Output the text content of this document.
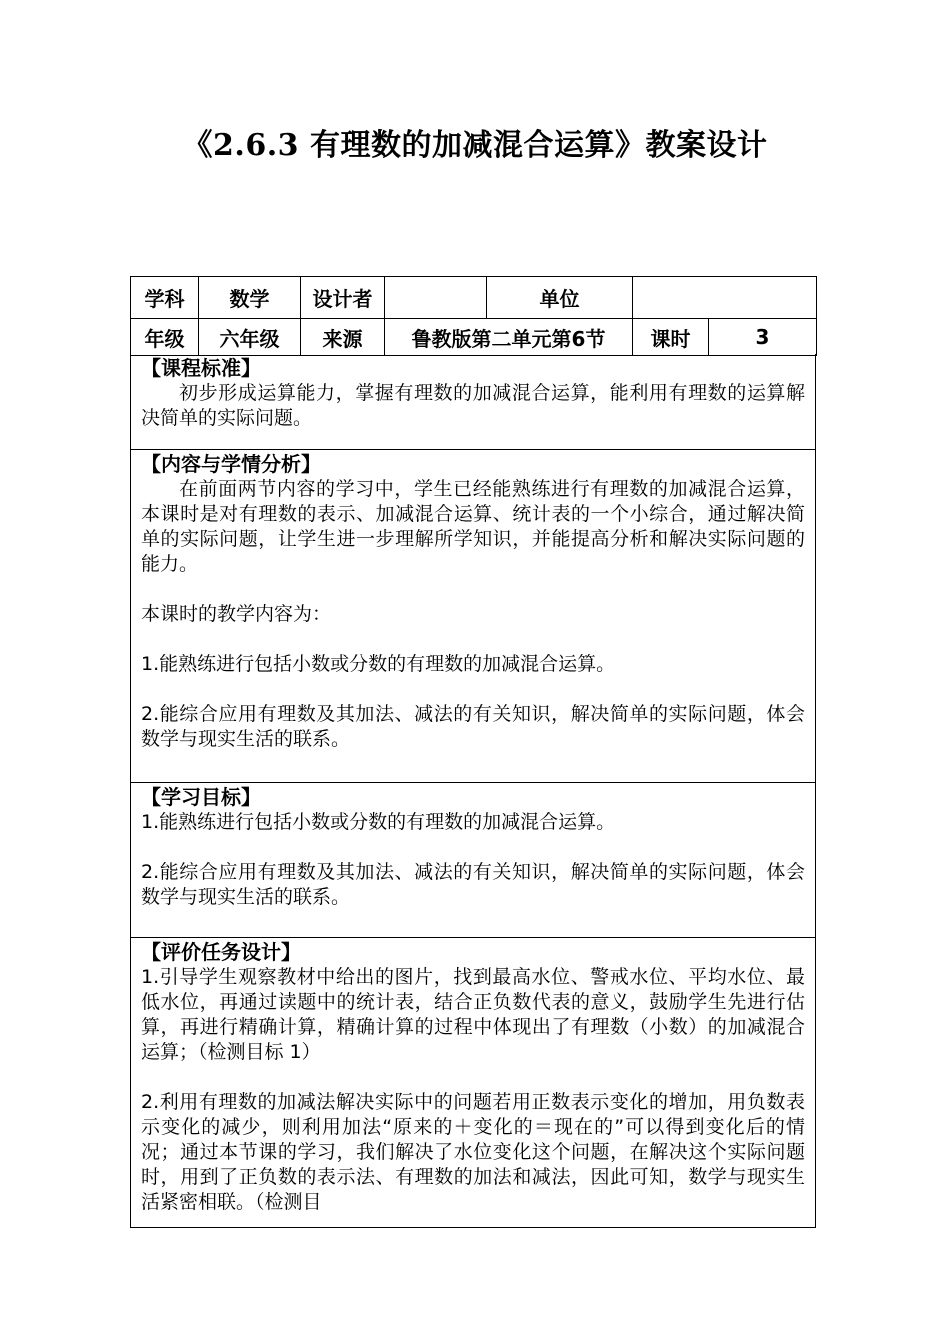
《2.6.3 有理数的加减混合运算》教案设计
学科	数学	设计者		单位		
年级	六年级	来源	鲁教版第二单元第6节		课时	3
【课程标准】

初步形成运算能力，掌握有理数的加减混合运算，能利用有理数的运算解决简单的实际问题。

【内容与学情分析】

在前面两节内容的学习中，学生已经能熟练进行有理数的加减混合运算，本课时是对有理数的表示、加减混合运算、统计表的一个小综合，通过解决简单的实际问题，让学生进一步理解所学知识，并能提高分析和解决实际问题的能力。

本课时的教学内容为：

1.能熟练进行包括小数或分数的有理数的加减混合运算。

2.能综合应用有理数及其加法、减法的有关知识，解决简单的实际问题，体会数学与现实生活的联系。

【学习目标】

1.能熟练进行包括小数或分数的有理数的加减混合运算。

2.能综合应用有理数及其加法、减法的有关知识，解决简单的实际问题，体会数学与现实生活的联系。

【评价任务设计】

1.引导学生观察教材中给出的图片，找到最高水位、警戒水位、平均水位、最低水位，再通过读题中的统计表，结合正负数代表的意义，鼓励学生先进行估算，再进行精确计算，精确计算的过程中体现出了有理数（小数）的加减混合运算；（检测目标 1）

2.利用有理数的加减法解决实际中的问题若用正数表示变化的增加，用负数表示变化的减少，则利用加法“原来的＋变化的＝现在的”可以得到变化后的情况；通过本节课的学习，我们解决了水位变化这个问题，在解决这个实际问题时，用到了正负数的表示法、有理数的加法和减法，因此可知，数学与现实生活紧密相联。（检测目
